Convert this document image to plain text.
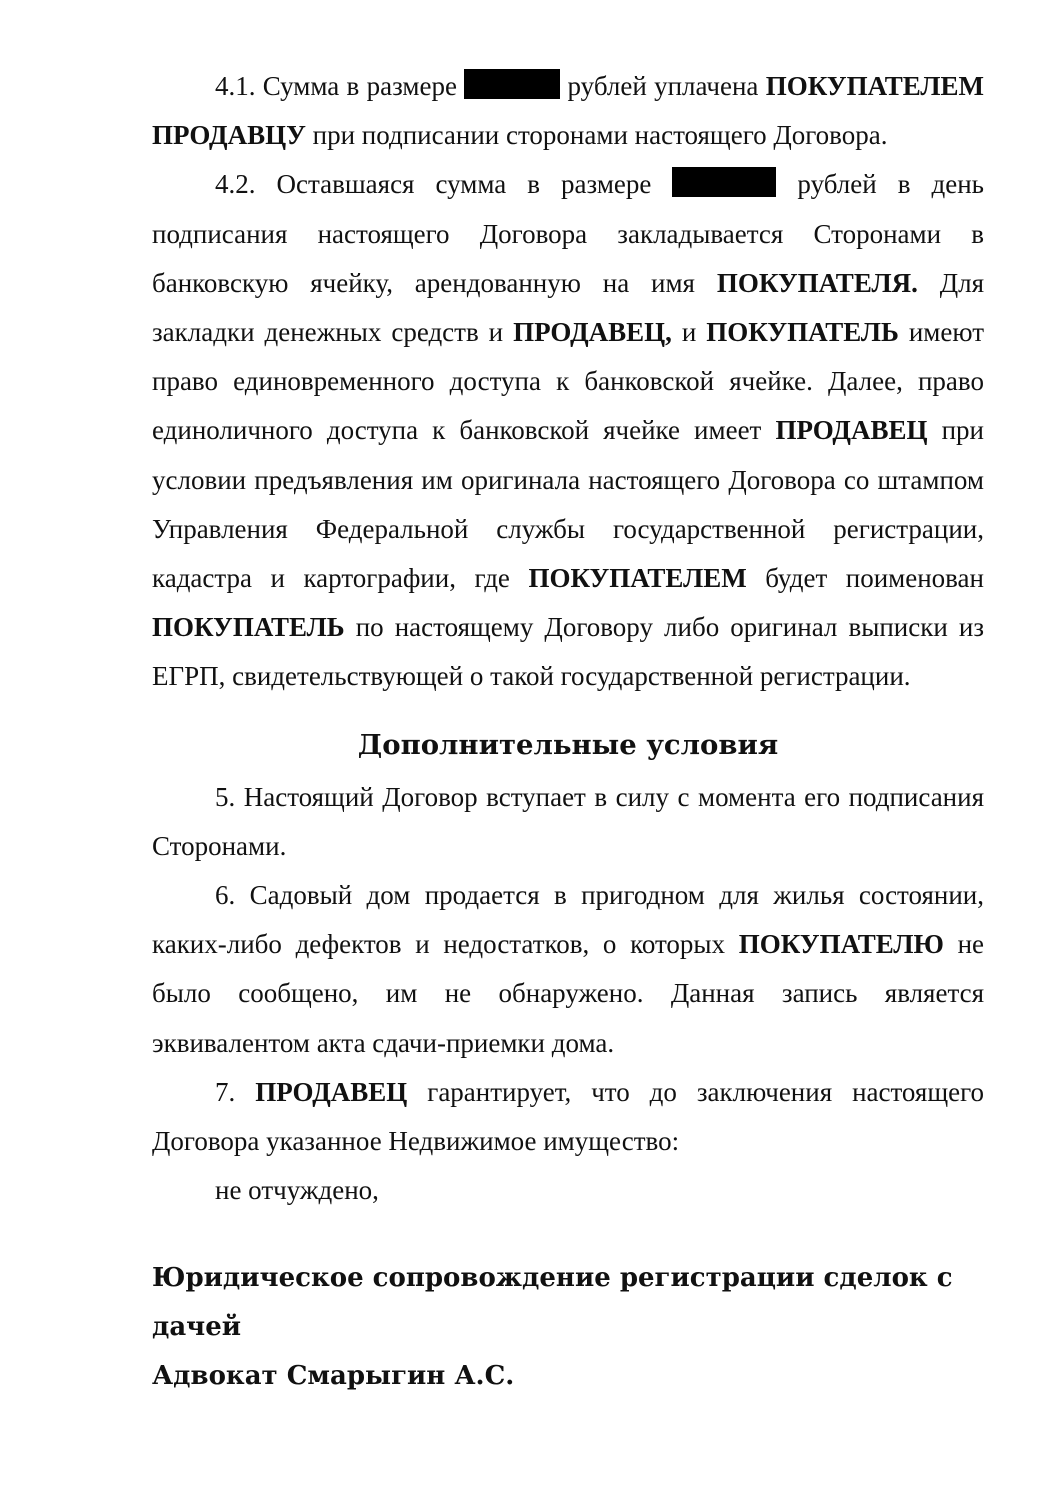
4.1. Сумма в размере	рублей уплачена ПОКУПАТЕЛЕМ ПРОДАВЦУ при подписании сторонами настоящего Договора.

4.2. Оставшаяся сумма в размере	рублей в день подписания настоящего Договора закладывается Сторонами в банковскую ячейку, арендованную на имя ПОКУПАТЕЛЯ. Для закладки денежных средств и ПРОДАВЕЦ, и ПОКУПАТЕЛЬ имеют право единовременного доступа к банковской ячейке. Далее, право единоличного доступа к банковской ячейке имеет ПРОДАВЕЦ при условии предъявления им оригинала настоящего Договора со штампом Управления Федеральной службы государственной регистрации, кадастра и картографии, где ПОКУПАТЕЛЕМ будет поименован ПОКУПАТЕЛЬ по настоящему Договору либо оригинал выписки из ЕГРП, свидетельствующей о такой государственной регистрации.

Дополнительные условия

5. Настоящий Договор вступает в силу с момента его подписания Сторонами.

6. Садовый дом продается в пригодном для жилья состоянии, каких-либо дефектов и недостатков, о которых ПОКУПАТЕЛЮ не было сообщено, им не обнаружено. Данная запись является эквивалентом акта сдачи-приемки дома.

7. ПРОДАВЕЦ гарантирует, что до заключения настоящего Договора указанное Недвижимое имущество:

не отчуждено,

Юридическое сопровождение регистрации сделок с дачей
Адвокат Смарыгин А.С.
